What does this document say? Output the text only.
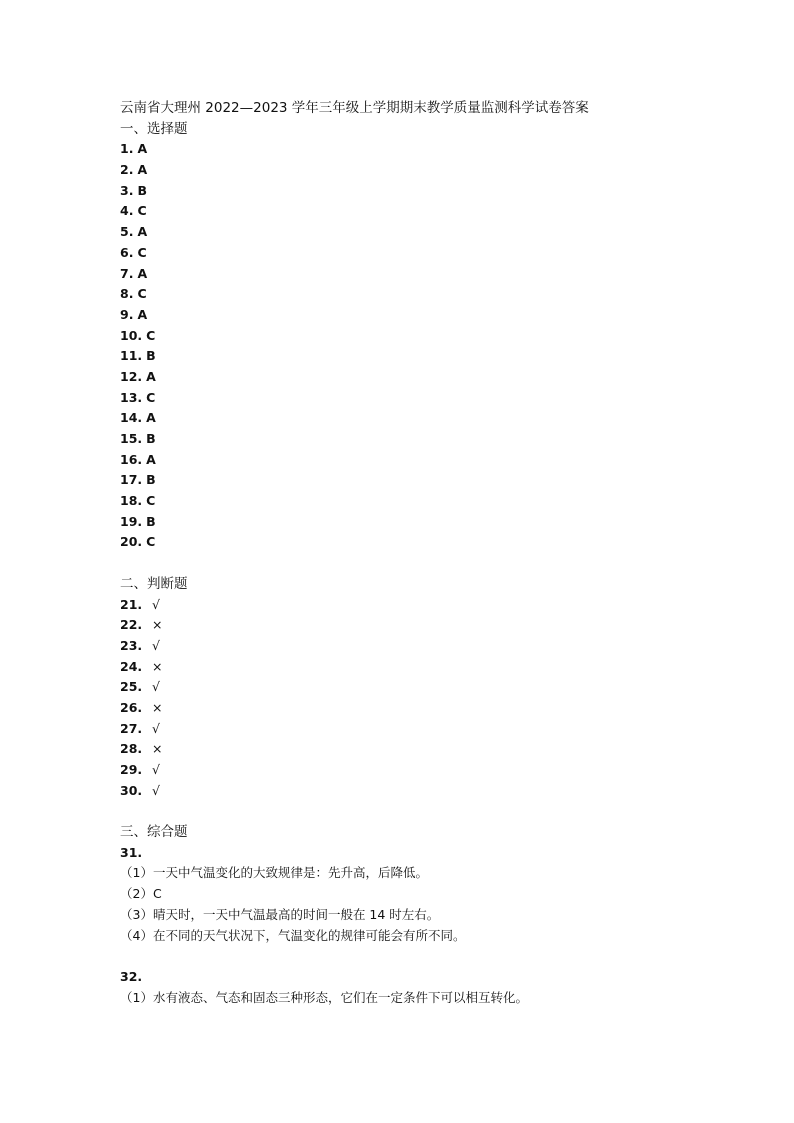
云南省大理州 2022—2023 学年三年级上学期期末教学质量监测科学试卷答案
一、选择题
1. A
2. A
3. B
4. C
5. A
6. C
7. A
8. C
9. A
10. C
11. B
12. A
13. C
14. A
15. B
16. A
17. B
18. C
19. B
20. C
二、判断题
21. √
22. ×
23. √
24. ×
25. √
26. ×
27. √
28. ×
29. √
30. √
三、综合题
31.
（1）一天中气温变化的大致规律是：先升高，后降低。
（2）C
（3）晴天时，一天中气温最高的时间一般在 14 时左右。
（4）在不同的天气状况下，气温变化的规律可能会有所不同。
32.
（1）水有液态、气态和固态三种形态，它们在一定条件下可以相互转化。
